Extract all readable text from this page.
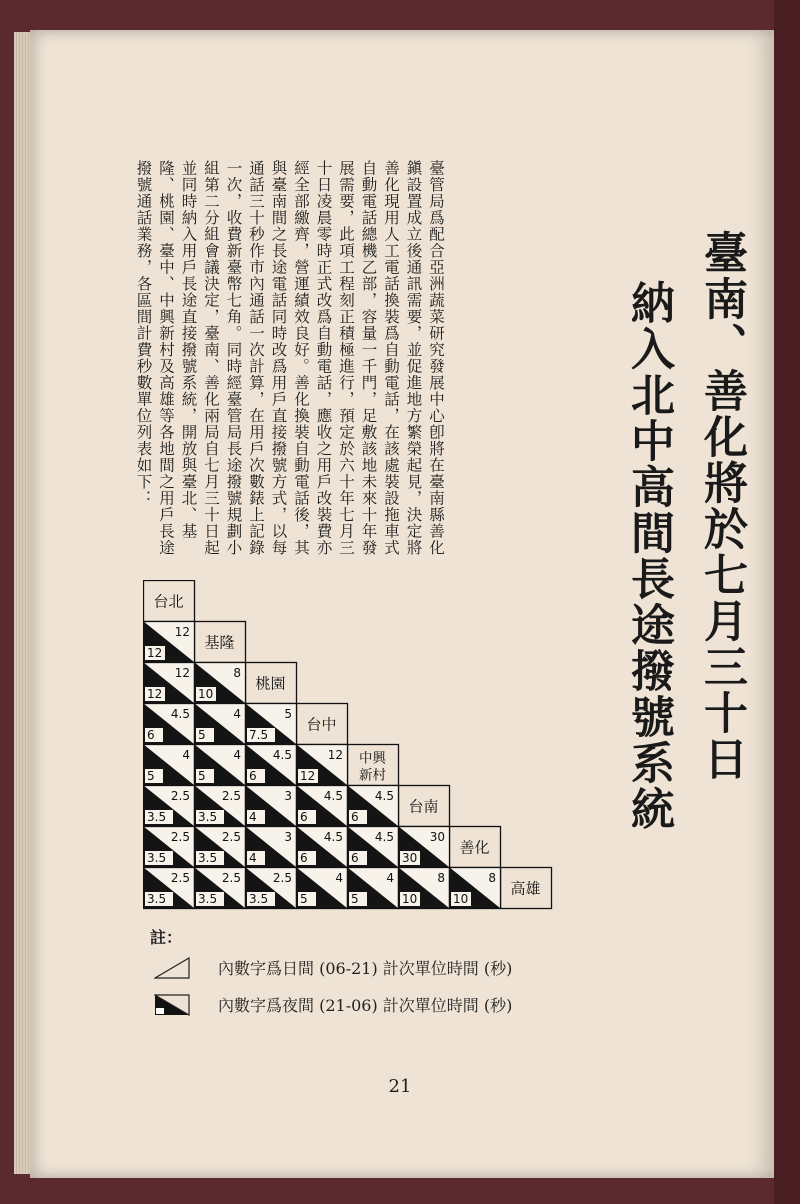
臺南、善化將於七月三十日
納入北中高間長途撥號系統

臺管局爲配合亞洲蔬菜研究發展中心卽將在臺南縣善化鎭設置成立後通訊需要，並促進地方繁榮起見，決定將善化現用人工電話換裝爲自動電話，在該處裝設拖車式自動電話總機乙部，容量一千門，足敷該地未來十年發展需要，此項工程刻正積極進行，預定於六十年七月三十日凌晨零時正式改爲自動電話，應收之用戶改裝費亦經全部繳齊，營運績效良好。善化換裝自動電話後，其與臺南間之長途電話同時改爲用戶直接撥號方式，以每通話三十秒作市內通話一次計算，在用戶次數錶上記錄一次，收費新臺幣七角。同時經臺管局長途撥號規劃小組第二分組會議決定，臺南、善化兩局自七月三十日起並同時納入用戶長途直接撥號系統，開放與臺北、基隆、桃園、臺中、中興新村及高雄等各地間之用戶長途撥號通話業務，各區間計費秒數單位列表如下：

台北
基隆
桃園
台中
中興
新村
台南
善化
高雄
12
12
12
12
8
10
4.5
6
4
5
5
7.5
4
5
4
5
4.5
6
12
12
2.5
3.5
2.5
3.5
3
4
4.5
6
4.5
6
2.5
3.5
2.5
3.5
3
4
4.5
6
4.5
6
30
30
2.5
3.5
2.5
3.5
2.5
3.5
4
5
4
5
8
10
8
10
註：
內數字爲日間 (06-21) 計次單位時間 (秒)
內數字爲夜間 (21-06) 計次單位時間 (秒)
21
